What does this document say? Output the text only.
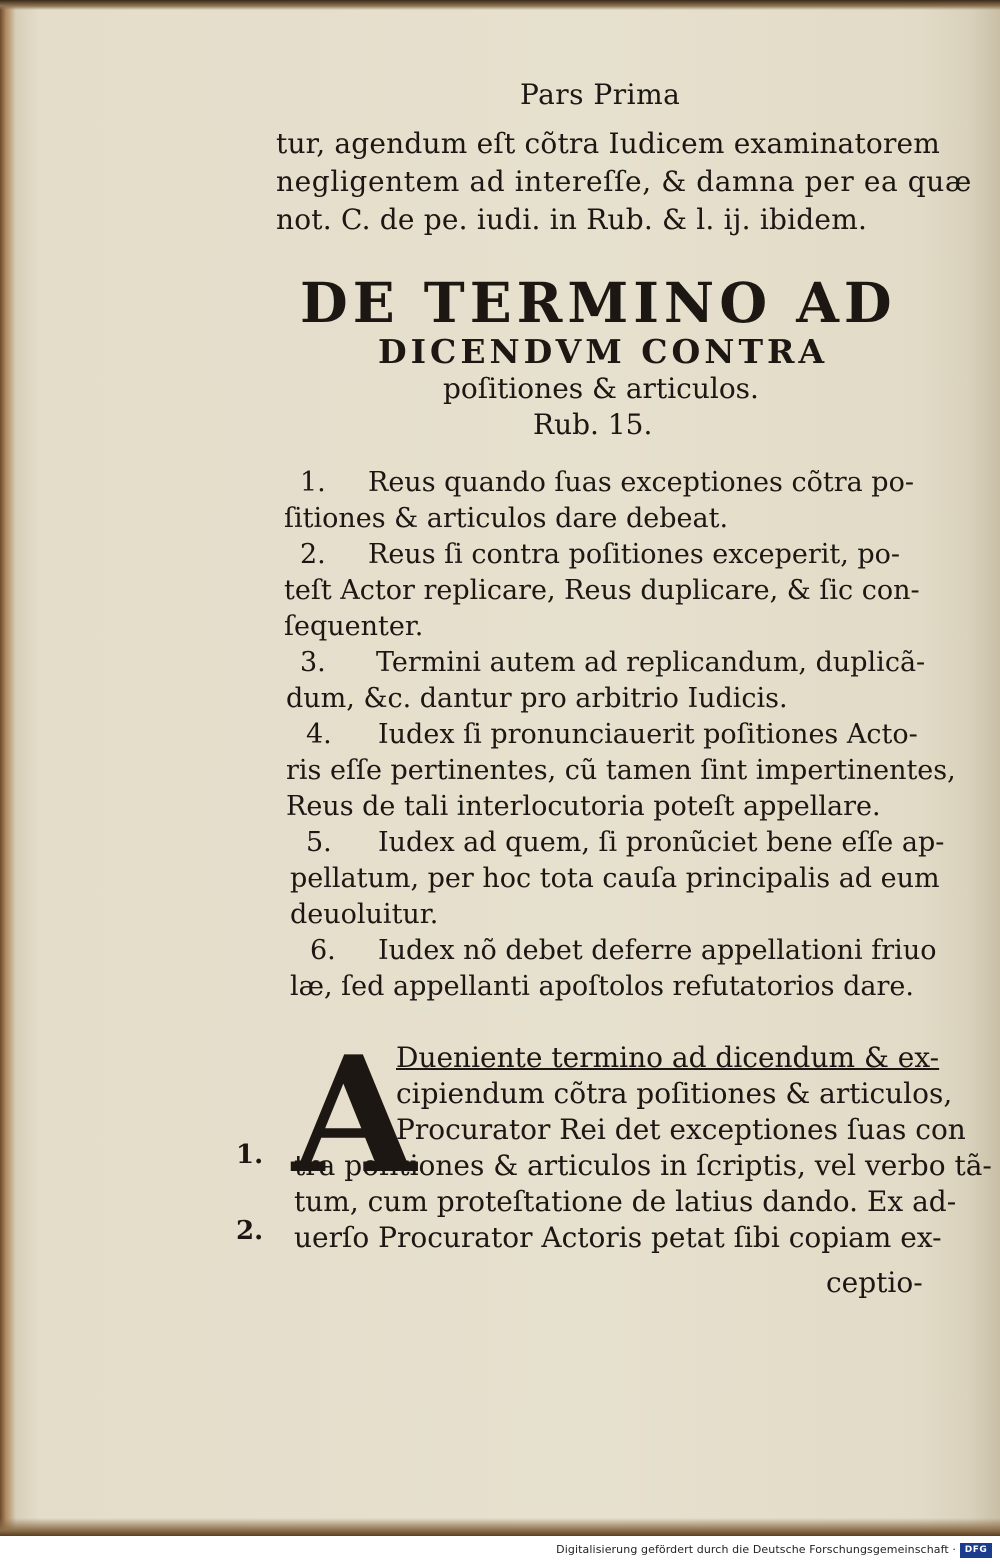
Pars Prima
tur, agendum eſt cõtra Iudicem examinatorem
negligentem ad intereſſe, & damna per ea quæ
not. C. de pe. iudi. in Rub. & l. ij. ibidem.
DE TERMINO AD
DICENDVM CONTRA
poſitiones & articulos.
Rub. 15.
1. Reus quando ſuas exceptiones cõtra po-
ſitiones & articulos dare debeat.
2. Reus ſi contra poſitiones exceperit, po-
teſt Actor replicare, Reus duplicare, & ſic con-
ſequenter.
3. Termini autem ad replicandum, duplicã-
dum, &c. dantur pro arbitrio Iudicis.
4. Iudex ſi pronunciauerit poſitiones Acto-
ris eſſe pertinentes, cũ tamen ſint impertinentes,
Reus de tali interlocutoria poteſt appellare.
5. Iudex ad quem, ſi pronũciet bene eſſe ap-
pellatum, per hoc tota cauſa principalis ad eum
deuoluitur.
6. Iudex nõ debet deferre appellationi friuo
læ, ſed appellanti apoſtolos refutatorios dare.
A
Dueniente termino ad dicendum & ex-
cipiendum cõtra poſitiones & articulos,
Procurator Rei det exceptiones ſuas con
tra poſitiones & articulos in ſcriptis, vel verbo tã-
tum, cum proteſtatione de latius dando. Ex ad-
uerſo Procurator Actoris petat ſibi copiam ex-
ceptio-
1.
2.
Digitalisierung gefördert durch die Deutsche Forschungsgemeinschaft · DFG
